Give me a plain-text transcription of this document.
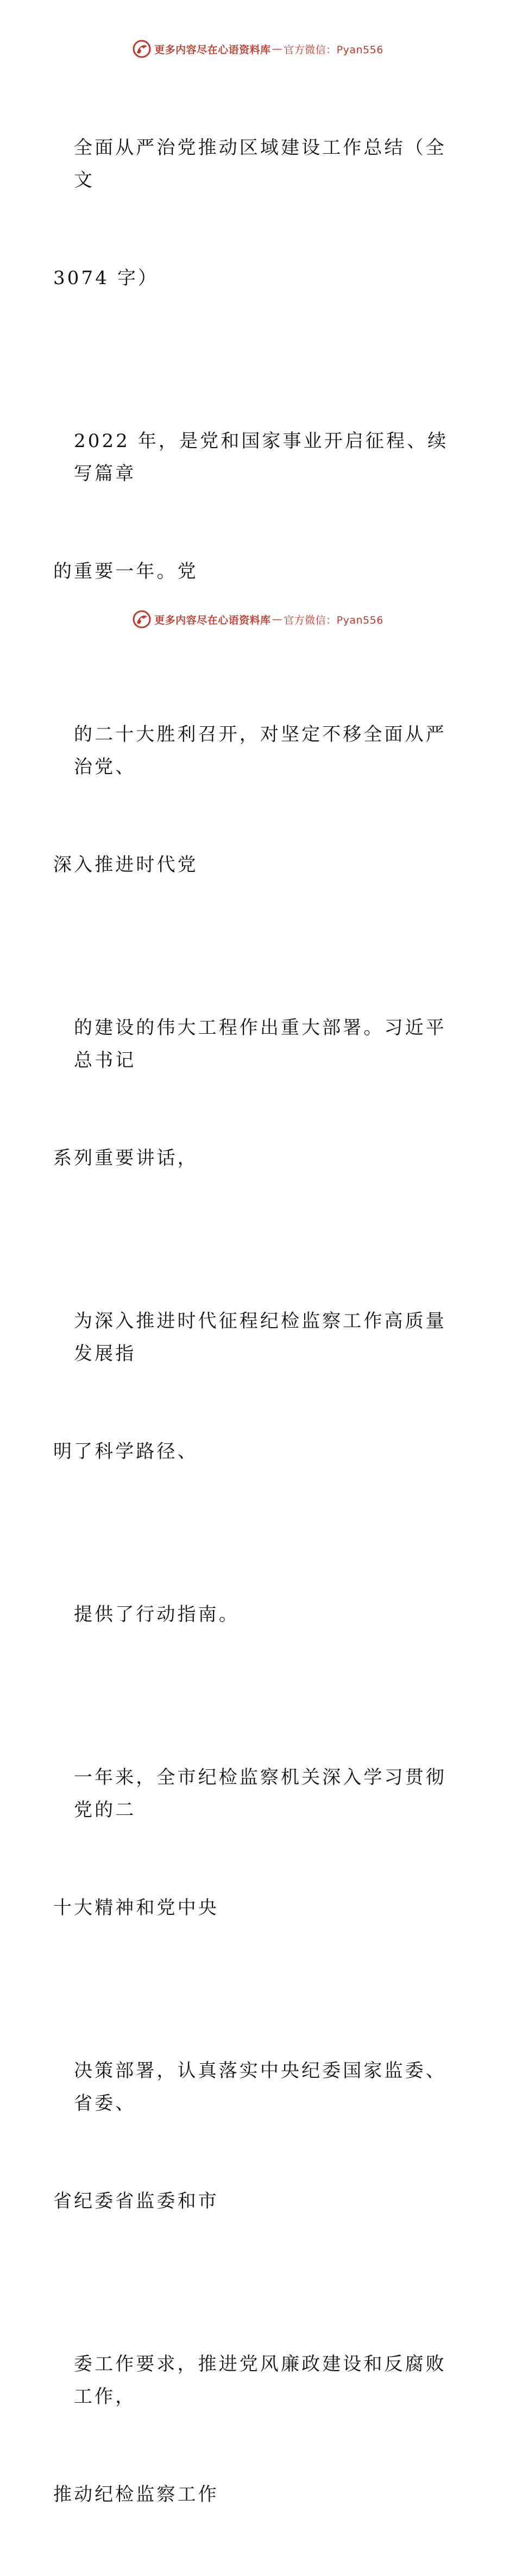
更多内容尽在心语资料库 — 官方微信：Pyan556

全面从严治党推动区域建设工作总结（全文

3074 字）

2022 年，是党和国家事业开启征程、续写篇章

的重要一年。党

的二十大胜利召开，对坚定不移全面从严治党、

深入推进时代党

的建设的伟大工程作出重大部署。习近平总书记

系列重要讲话，

为深入推进时代征程纪检监察工作高质量发展指

明了科学路径、

提供了行动指南。

一年来，全市纪检监察机关深入学习贯彻党的二

十大精神和党中央

决策部署，认真落实中央纪委国家监委、省委、

省纪委省监委和市

委工作要求，推进党风廉政建设和反腐败工作，

推动纪检监察工作

更多内容尽在心语资料库 — 官方微信：Pyan556
